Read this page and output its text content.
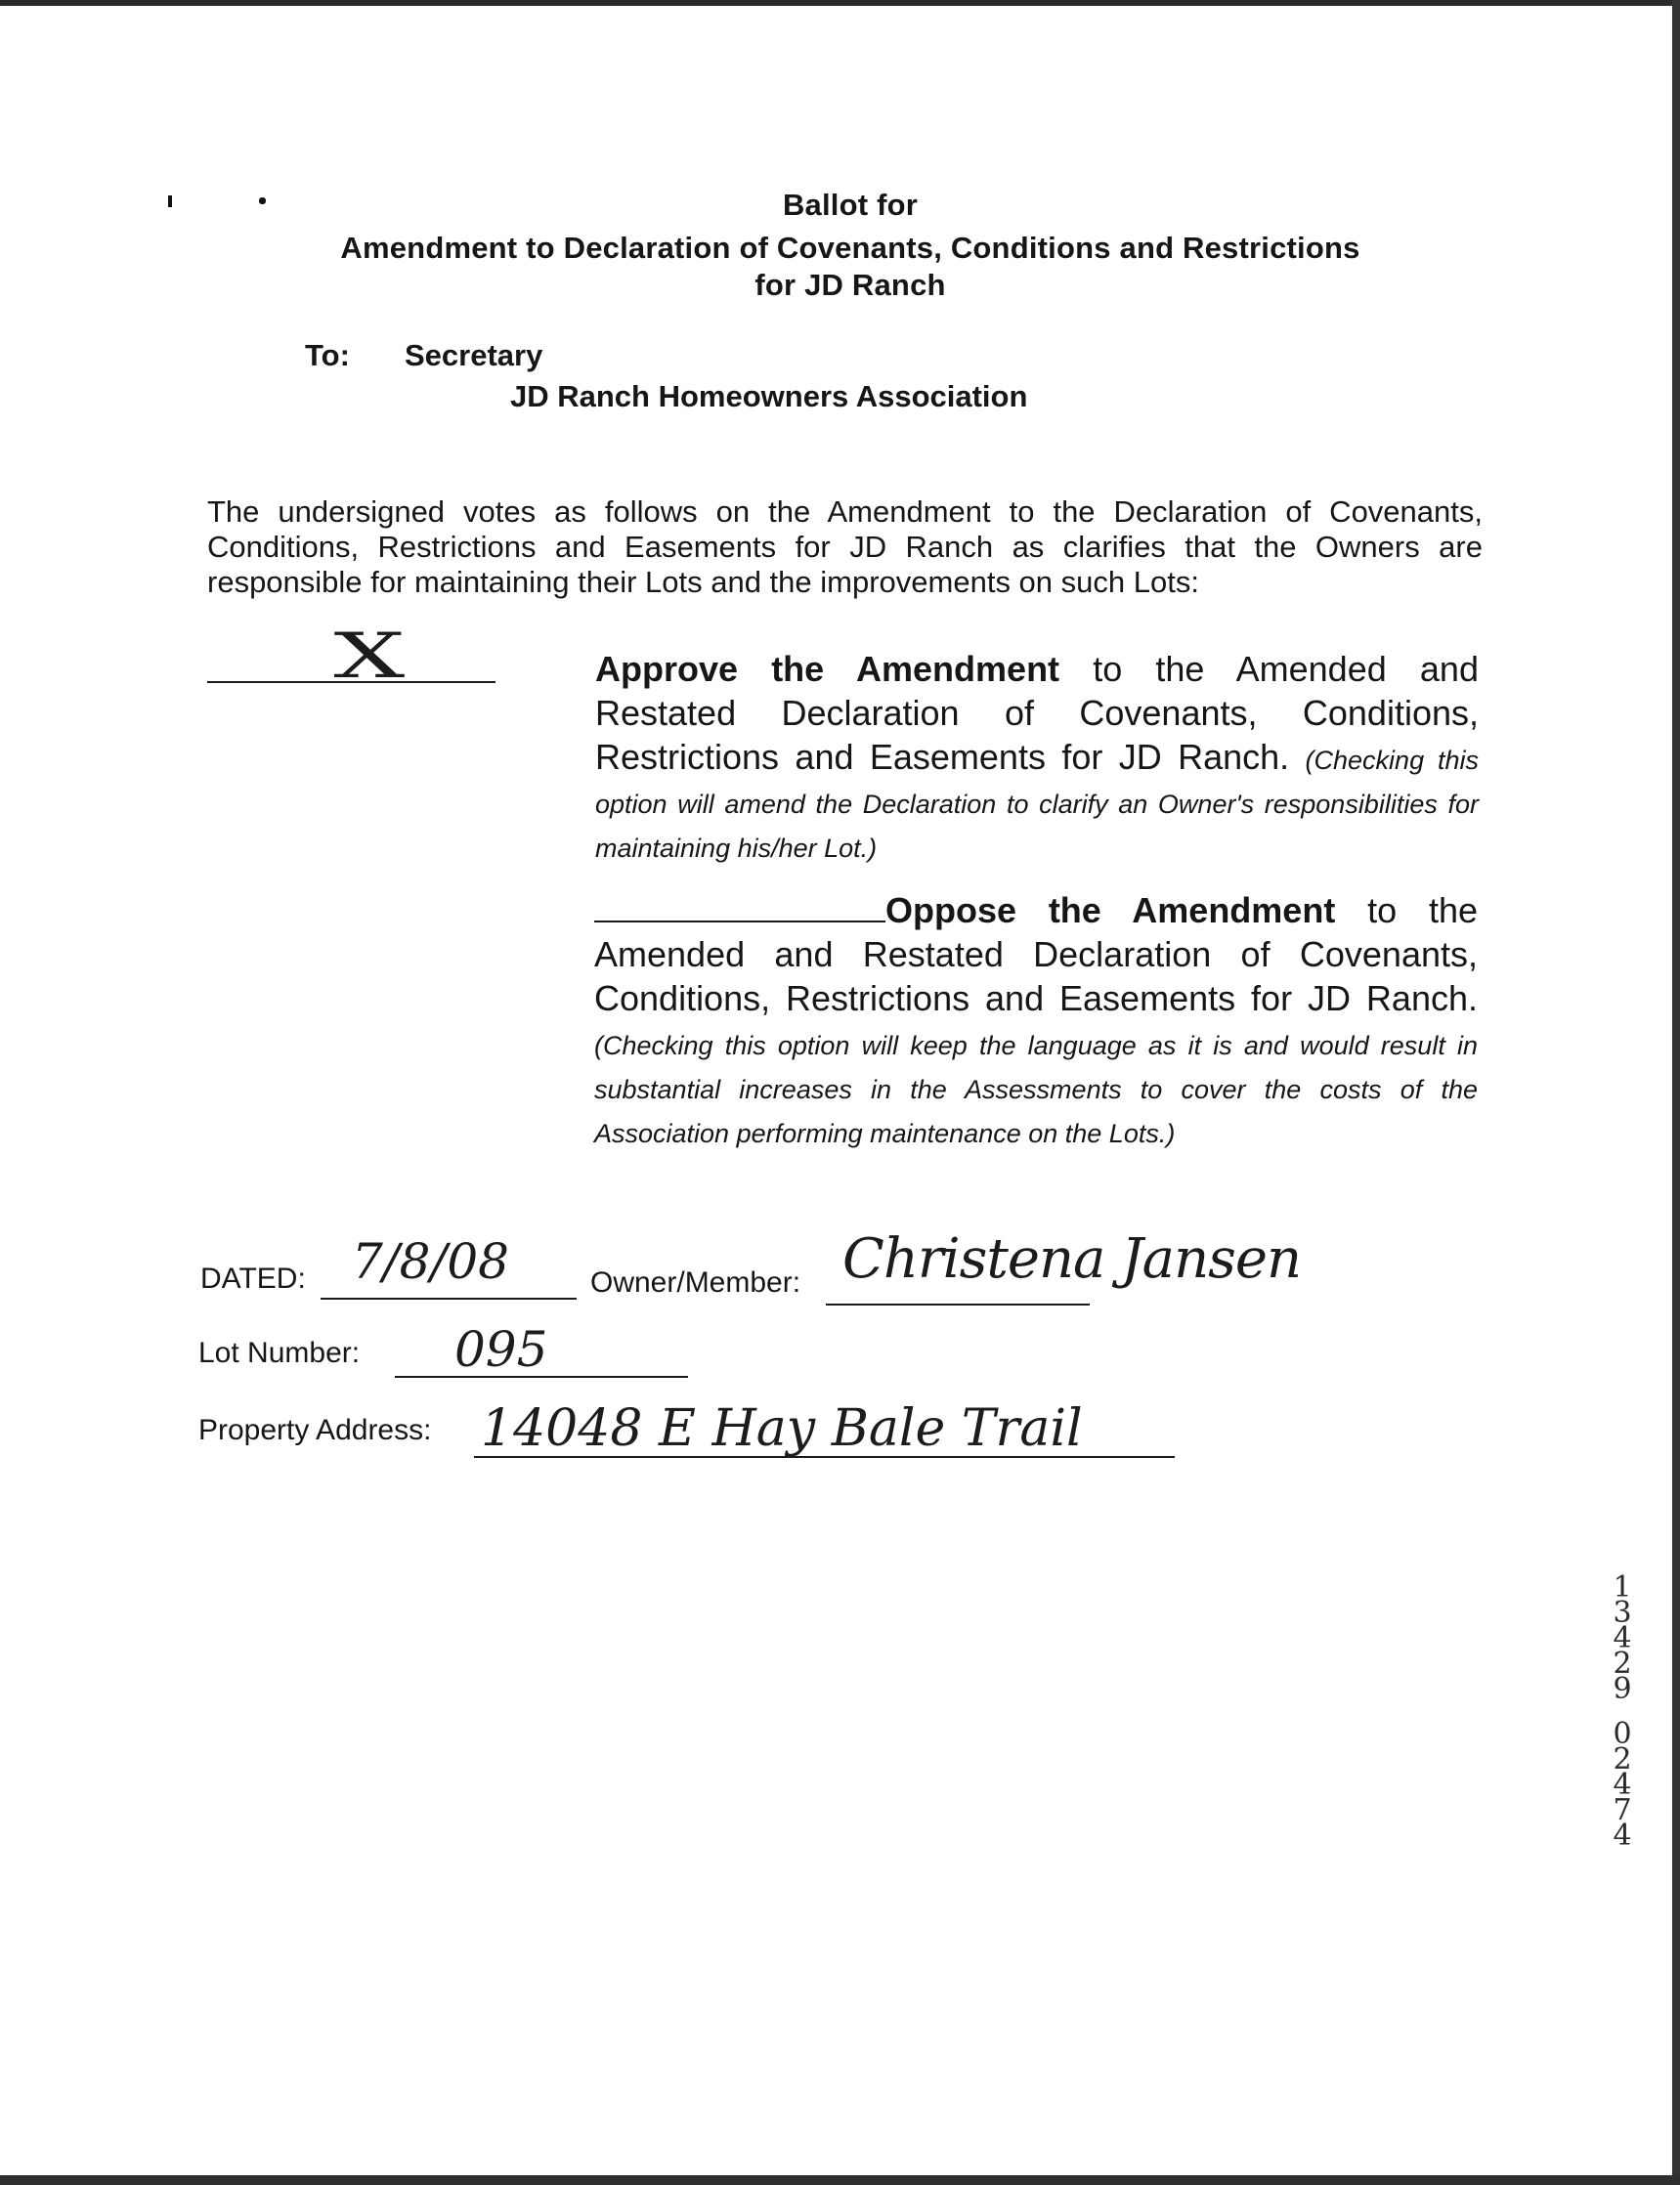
Ballot for
Amendment to Declaration of Covenants, Conditions and Restrictions
for JD Ranch
To: Secretary
JD Ranch Homeowners Association
The undersigned votes as follows on the Amendment to the Declaration of Covenants, Conditions, Restrictions and Easements for JD Ranch as clarifies that the Owners are responsible for maintaining their Lots and the improvements on such Lots:
X	Approve the Amendment to the Amended and Restated Declaration of Covenants, Conditions, Restrictions and Easements for JD Ranch. (Checking this option will amend the Declaration to clarify an Owner's responsibilities for maintaining his/her Lot.)
Oppose the Amendment to the Amended and Restated Declaration of Covenants, Conditions, Restrictions and Easements for JD Ranch. (Checking this option will keep the language as it is and would result in substantial increases in the Assessments to cover the costs of the Association performing maintenance on the Lots.)
DATED: 7/8/08	Owner/Member: Christena Jansen
Lot Number: 095
Property Address: 14048 E Hay Bale Trail
1
3
4
2
9
0
2
4
7
4
